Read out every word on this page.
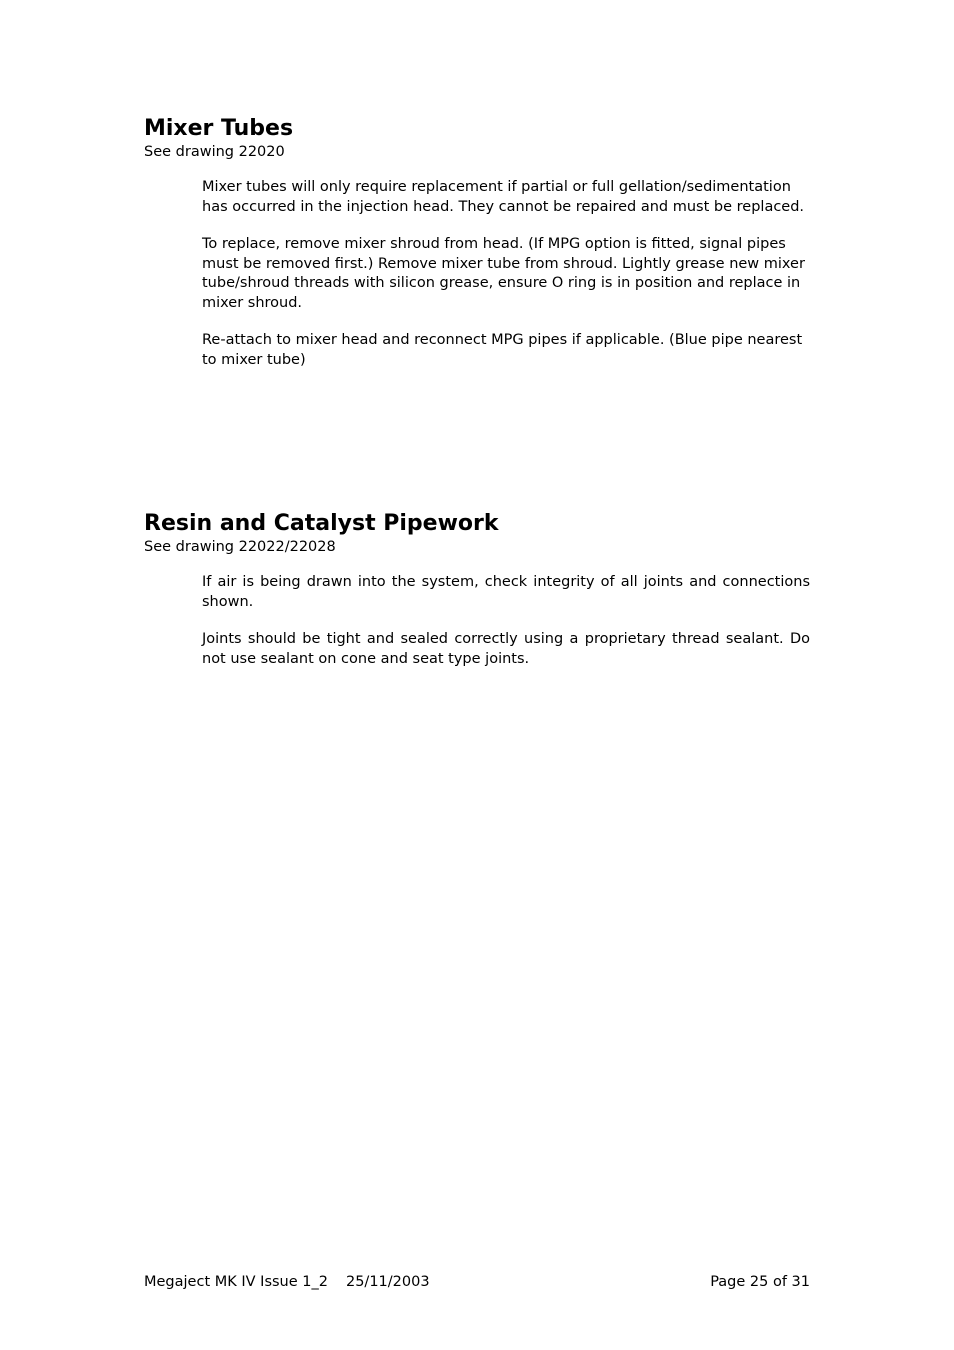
Mixer Tubes

See drawing 22020

Mixer tubes will only require replacement if partial or full gellation/sedimentation has occurred in the injection head. They cannot be repaired and must be replaced.

To replace, remove mixer shroud from head. (If MPG option is fitted, signal pipes must be removed first.) Remove mixer tube from shroud. Lightly grease new mixer tube/shroud threads with silicon grease, ensure O ring is in position and replace in mixer shroud.

Re-attach to mixer head and reconnect MPG pipes if applicable. (Blue pipe nearest to mixer tube)

Resin and Catalyst Pipework

See drawing 22022/22028

If air is being drawn into the system, check integrity of all joints and connections shown.

Joints should be tight and sealed correctly using a proprietary thread sealant. Do not use sealant on cone and seat type joints.

Megaject MK IV Issue 1_2 25/11/2003	Page 25 of 31
